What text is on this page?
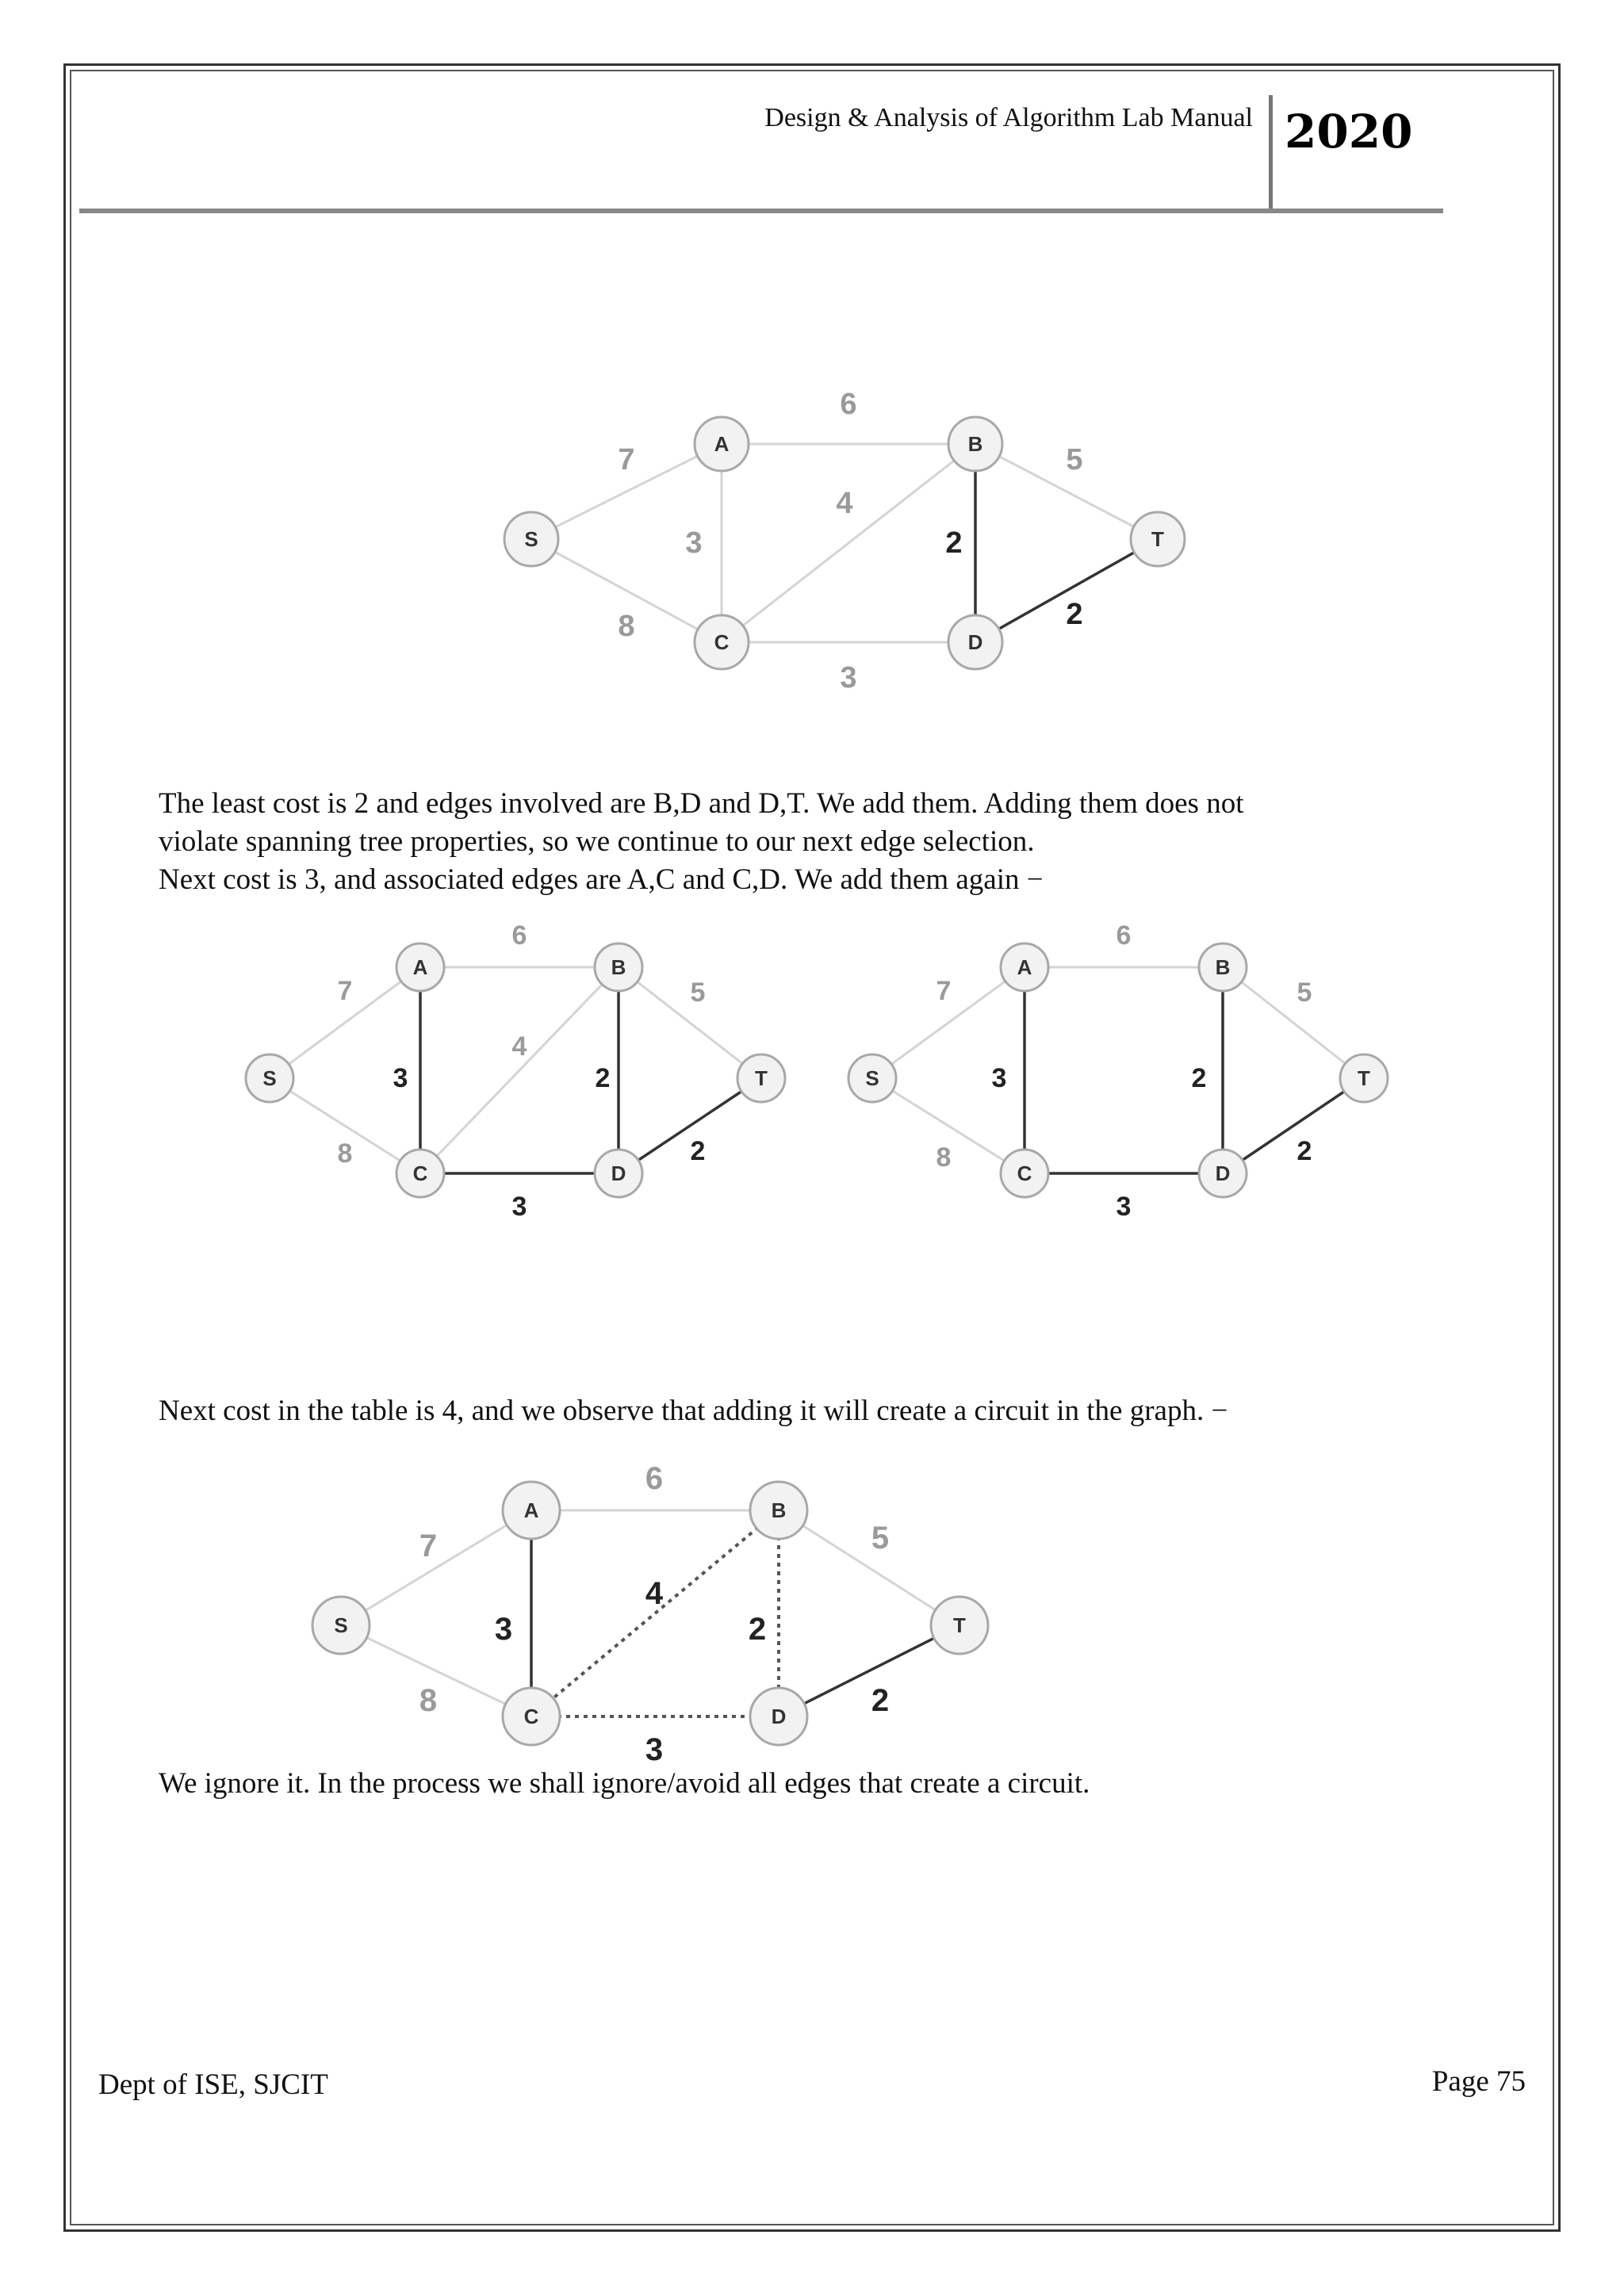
Design & Analysis of Algorithm Lab Manual 2020
7
8
6
3
4
2
5
3
2
S
A	B
C	D
T

The least cost is 2 and edges involved are B,D and D,T. We add them. Adding them does not
violate spanning tree properties, so we continue to our next edge selection.
Next cost is 3, and associated edges are A,C and C,D. We add them again −

7
8
6
3
4
2
5
3
2
S
A	B
C	D
T
7
8
6
3	2
5
3
2
S
A	B
C	D
T

Next cost in the table is 4, and we observe that adding it will create a circuit in the graph. −

7
8
6
3
4
2
5
3
2
S
A	B
C	D
T

We ignore it. In the process we shall ignore/avoid all edges that create a circuit.

Dept of ISE, SJCIT	Page 75
